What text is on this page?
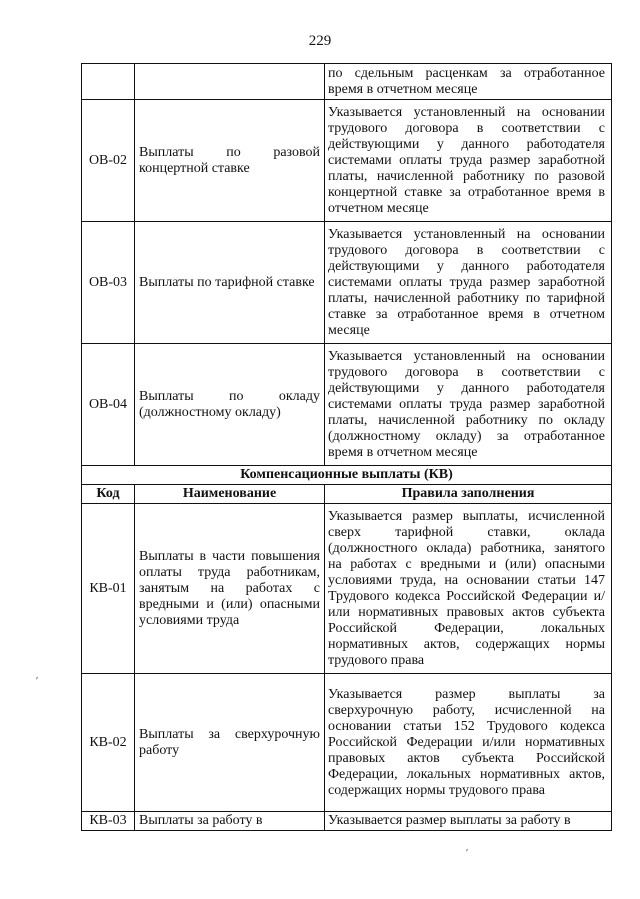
229
		по сдельным расценкам за отработанное время в отчетном месяце
ОВ-02	Выплаты по разовой концертной ставке	Указывается установленный на основании трудового договора в соответствии с действующими у данного работодателя системами оплаты труда размер заработной платы, начисленной работнику по разовой концертной ставке за отработанное время в отчетном месяце
ОВ-03	Выплаты по тарифной ставке	Указывается установленный на основании трудового договора в соответствии с действующими у данного работодателя системами оплаты труда размер заработной платы, начисленной работнику по тарифной ставке за отработанное время в отчетном месяце
ОВ-04	Выплаты по окладу (должностному окладу)	Указывается установленный на основании трудового договора в соответствии с действующими у данного работодателя системами оплаты труда размер заработной платы, начисленной работнику по окладу (должностному окладу) за отработанное время в отчетном месяце
Компенсационные выплаты (КВ)		
Код	Наименование	Правила заполнения
КВ-01	Выплаты в части повышения оплаты труда работникам, занятым на работах с вредными и (или) опасными условиями труда	Указывается размер выплаты, исчисленной сверх тарифной ставки, оклада (должностного оклада) работника, занятого на работах с вредными и (или) опасными условиями труда, на основании статьи 147 Трудового кодекса Российской Федерации и/или нормативных правовых актов субъекта Российской Федерации, локальных нормативных актов, содержащих нормы трудового права
КВ-02	Выплаты за сверхурочную работу	Указывается размер выплаты за сверхурочную работу, исчисленной на основании статьи 152 Трудового кодекса Российской Федерации и/или нормативных правовых актов субъекта Российской Федерации, локальных нормативных актов, содержащих нормы трудового права
КВ-03	Выплаты за работу в	Указывается размер выплаты за работу в
′
′
